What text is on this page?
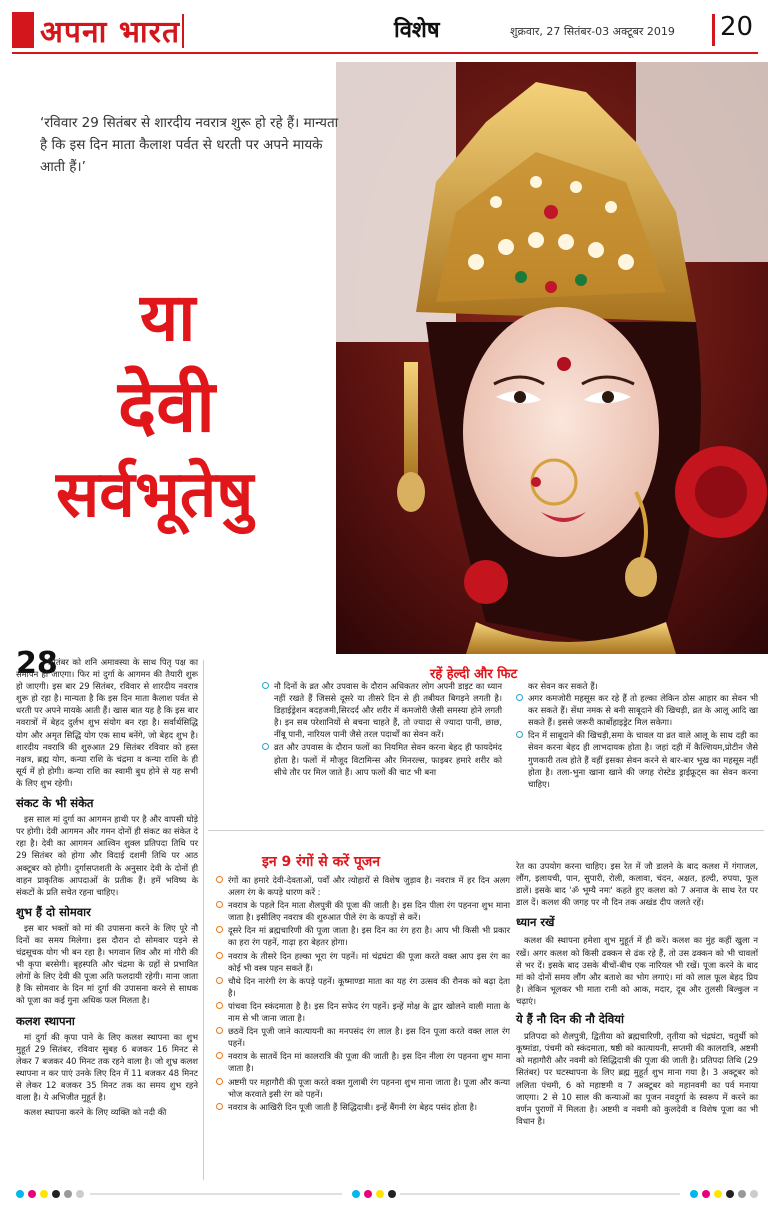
अपना भारत	विशेष	शुक्रवार, 27 सितंबर-03 अक्टूबर 2019 20
‘रविवार 29 सितंबर से शारदीय नवरात्र शुरू हो रहे हैं। मान्यता है कि इस दिन माता कैलाश पर्वत से धरती पर अपने मायके आती हैं।’
या
देवी
सर्वभूतेषु
28

सितंबर को शनि अमावस्या के साथ पितृ पक्ष का समापन हो जाएगा। फिर मां दुर्गा के आगमन की तैयारी शुरू हो जाएगी। इस बार 29 सितंबर, रविवार से शारदीय नवरात्र शुरू हो रहा है। मान्यता है कि इस दिन माता कैलाश पर्वत से धरती पर अपने मायके आती हैं। खास बात यह है कि इस बार नवरात्रों में बेहद दुर्लभ शुभ संयोग बन रहा है। सर्वार्थसिद्धि योग और अमृत सिद्धि योग एक साथ बनेंगे, जो बेहद शुभ है। शारदीय नवरात्रि की शुरुआत 29 सितंबर रविवार को हस्त नक्षत्र, ब्रह्म योग, कन्या राशि के चंद्रमा व कन्या राशि के ही सूर्य में हो होगी। कन्या राशि का स्वामी बुध होने से यह सभी के लिए शुभ रहेगी।

संकट के भी संकेत

इस साल मां दुर्गा का आगमन हाथी पर है और वापसी घोड़े पर होगी। देवी आगमन और गमन दोनों ही संकट का संकेत दे रहा है। देवी का आगमन आश्विन शुक्ल प्रतिपदा तिथि पर 29 सितंबर को होगा और विदाई दशमी तिथि पर आठ अक्टूबर को होगी। दुर्गासप्तशती के अनुसार देवी के दोनों ही वाहन प्राकृतिक आपदाओं के प्रतीक हैं। हमें भविष्य के संकटों के प्रति सचेत रहना चाहिए।

शुभ हैं दो सोमवार

इस बार भक्तों को मां की उपासना करने के लिए पूरे नौ दिनों का समय मिलेगा। इस दौरान दो सोमवार पड़ने से चंद्रसूचक योग भी बन रहा है। भगवान शिव और मां गौरी की भी कृपा बरसेगी। बृहस्पति और चंद्रमा के ग्रहों से प्रभावित लोगों के लिए देवी की पूजा अति फलदायी रहेगी। माना जाता है कि सोमवार के दिन मां दुर्गा की उपासना करने से साधक को पूजा का कई गुना अधिक फल मिलता है।

कलश स्थापना

मां दुर्गा की कृपा पाने के लिए कलश स्थापना का शुभ मुहूर्त 29 सितंबर, रविवार सुबह 6 बजकर 16 मिनट से लेकर 7 बजकर 40 मिनट तक रहने वाला है। जो शुभ्र कलश स्थापना न कर पाएं उनके लिए दिन में 11 बजकर 48 मिनट से लेकर 12 बजकर 35 मिनट तक का समय शुभ रहने वाला है। ये अभिजीत मुहूर्त है।

कलश स्थापना करने के लिए व्यक्ति को नदी की

रहें हेल्दी और फिट
नौ दिनों के व्रत और उपवास के दौरान अधिकतर लोग अपनी डाइट का ध्यान नहीं रखते हैं जिससे दूसरे या तीसरे दिन से ही तबीयत बिगड़ने लगती है। डिहाईड्रेशन बदहजमी,सिरदर्द और शरीर में कमजोरी जैसी समस्या होने लगती है। इन सब परेशानियों से बचना चाहते हैं, तो ज्यादा से ज्यादा पानी, छाछ, नींबू पानी, नारियल पानी जैसे तरल पदार्थों का सेवन करें।
व्रत और उपवास के दौरान फलों का नियमित सेवन करना बेहद ही फायदेमंद होता है। फलों में मौजूद विटामिन्स और मिनरल्स, फाइबर हमारे शरीर को सीधे तौर पर मिल जाते हैं। आप फलों की चाट भी बना
कर सेवन कर सकते हैं।
अगर कमजोरी महसूस कर रहे हैं तो हल्का लेकिन ठोस आहार का सेवन भी कर सकते हैं। सेंधा नमक से बनी साबूदाने की खिचड़ी, व्रत के आलू आदि खा सकते हैं। इससे जरूरी कार्बोहाइड्रेट मिल सकेगा।
दिन में साबूदाने की खिचड़ी,समा के चावल या व्रत वाले आलू के साथ दही का सेवन करना बेहद ही लाभदायक होता है। जहां दही में कैल्शियम,प्रोटीन जैसे गुणकारी तत्व होते हैं वहीं इसका सेवन करने से बार-बार भूख का महसूस नहीं होता है। तला-भुना खाना खाने की जगह रोस्टेड ड्राईफ्रूट्स का सेवन करना चाहिए।
इन 9 रंगों से करें पूजन
रंगों का हमारे देवी-देवताओं, पर्वों और त्योहारों से विशेष जुड़ाव है। नवरात्र में हर दिन अलग अलग रंग के कपड़े धारण करें :
नवरात्र के पहले दिन माता शैलपुत्री की पूजा की जाती है। इस दिन पीला रंग पहनना शुभ माना जाता है। इसीलिए नवरात्र की शुरुआत पीले रंग के कपड़ों से करें।
दूसरे दिन मां ब्रह्मचारिणी की पूजा जाता है। इस दिन का रंग हरा है। आप भी किसी भी प्रकार का हरा रंग पहनें, गाढ़ा हरा बेहतर होगा।
नवरात्र के तीसरे दिन हल्का भूरा रंग पहनें। मां चंद्रघंटा की पूजा करते वक्त आप इस रंग का कोई भी वस्त्र पहन सकते हैं।
चौथे दिन नारंगी रंग के कपड़े पहनें। कूष्माण्डा माता का यह रंग उत्सव की रौनक को बढ़ा देता है।
पांचवा दिन स्कंदमाता है है। इस दिन सफेद रंग पहनें। इन्हें मोक्ष के द्वार खोलने वाली माता के नाम से भी जाना जाता है।
छठवें दिन पूजी जाने कात्यायनी का मनपसंद रंग लाल है। इस दिन पूजा करते वक्त लाल रंग पहनें।
नवरात्र के सातवें दिन मां कालरात्रि की पूजा की जाती है। इस दिन नीला रंग पहनना शुभ माना जाता है।
अष्टमी पर महागौरी की पूजा करते वक्त गुलाबी रंग पहनना शुभ माना जाता है। पूजा और कन्या भोज करवाते इसी रंग को पहनें।
नवरात्र के आखिरी दिन पूजी जाती हैं सिद्धिदात्री। इन्हें बैंगनी रंग बेहद पसंद होता है।

रेत का उपयोग करना चाहिए। इस रेत में जौ डालने के बाद कलश में गंगाजल, लौंग, इलायची, पान, सुपारी, रोली, कलावा, चंदन, अक्षत, हल्दी, रुपया, फूल डालें। इसके बाद 'ॐ भूम्यै नमः' कहते हुए कलश को 7 अनाज के साथ रेत पर डाल दें। कलश की जगह पर नौ दिन तक अखंड दीप जलते रहें।

ध्यान रखें

कलश की स्थापना हमेशा शुभ मुहूर्त में ही करें। कलश का मुंह कहीं खुला न रखें। अगर कलश को किसी ढक्कन से ढंक रहे हैं, तो उस ढक्कन को भी चावलों से भर दें। इसके बाद उसके बीचों-बीच एक नारियल भी रखें। पूजा करने के बाद मां को दोनों समय लौंग और बताशे का भोग लगाएं। मां को लाल फूल बेहद प्रिय है। लेकिन भूलकर भी माता रानी को आक, मदार, दूब और तुलसी बिल्कुल न चढ़ाएं।

ये हैं नौ दिन की नौ देवियां

प्रतिपदा को शैलपुत्री, द्वितीया को ब्रह्मचारिणी, तृतीया को चंद्रघंटा, चतुर्थी को कूष्मांडा, पंचमी को स्कंदमाता, षष्ठी को कात्यायनी, सप्तमी की कालरात्रि, अष्टमी को महागौरी और नवमी को सिद्धिदात्री की पूजा की जाती है। प्रतिपदा तिथि (29 सितंबर) पर घटस्थापना के लिए ब्रह्म मुहूर्त शुभ माना गया है। 3 अक्टूबर को ललिता पंचमी, 6 को महाष्टमी व 7 अक्टूबर को महानवमी का पर्व मनाया जाएगा। 2 से 10 साल की कन्याओं का पूजन नवदुर्गा के स्वरूप में करने का वर्णन पुराणों में मिलता है। अष्टमी व नवमी को कुलदेवी व विशेष पूजा का भी विधान है।
